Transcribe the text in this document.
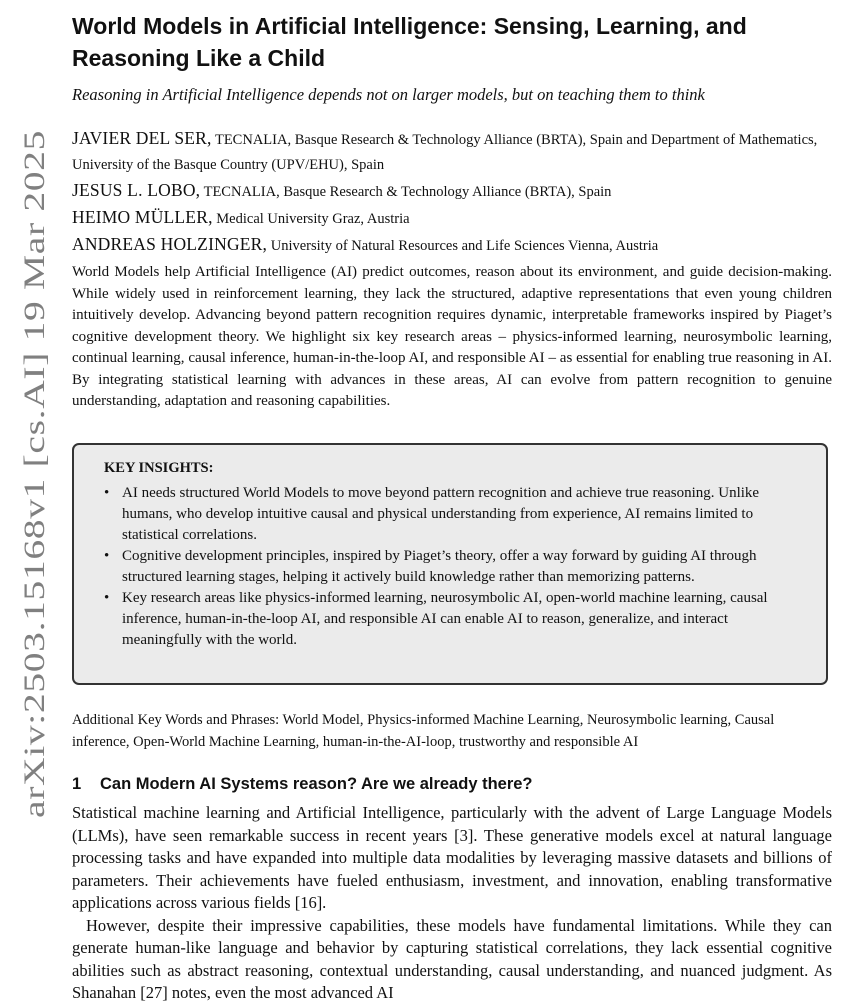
arXiv:2503.15168v1 [cs.AI] 19 Mar 2025
World Models in Artificial Intelligence: Sensing, Learning, and Reasoning Like a Child

Reasoning in Artificial Intelligence depends not on larger models, but on teaching them to think

JAVIER DEL SER, TECNALIA, Basque Research & Technology Alliance (BRTA), Spain and Department of Mathematics, University of the Basque Country (UPV/EHU), Spain

JESUS L. LOBO, TECNALIA, Basque Research & Technology Alliance (BRTA), Spain

HEIMO MÜLLER, Medical University Graz, Austria

ANDREAS HOLZINGER, University of Natural Resources and Life Sciences Vienna, Austria

World Models help Artificial Intelligence (AI) predict outcomes, reason about its environment, and guide decision-making. While widely used in reinforcement learning, they lack the structured, adaptive representations that even young children intuitively develop. Advancing beyond pattern recognition requires dynamic, interpretable frameworks inspired by Piaget’s cognitive development theory. We highlight six key research areas – physics-informed learning, neurosymbolic learning, continual learning, causal inference, human-in-the-loop AI, and responsible AI – as essential for enabling true reasoning in AI. By integrating statistical learning with advances in these areas, AI can evolve from pattern recognition to genuine understanding, adaptation and reasoning capabilities.

KEY INSIGHTS:

• AI needs structured World Models to move beyond pattern recognition and achieve true reasoning. Unlike humans, who develop intuitive causal and physical understanding from experience, AI remains limited to statistical correlations.
• Cognitive development principles, inspired by Piaget’s theory, offer a way forward by guiding AI through structured learning stages, helping it actively build knowledge rather than memorizing patterns.
• Key research areas like physics-informed learning, neurosymbolic AI, open-world machine learning, causal inference, human-in-the-loop AI, and responsible AI can enable AI to reason, generalize, and interact meaningfully with the world.

Additional Key Words and Phrases: World Model, Physics-informed Machine Learning, Neurosymbolic learning, Causal inference, Open-World Machine Learning, human-in-the-AI-loop, trustworthy and responsible AI

1 Can Modern AI Systems reason? Are we already there?

Statistical machine learning and Artificial Intelligence, particularly with the advent of Large Language Models (LLMs), have seen remarkable success in recent years [3]. These generative models excel at natural language processing tasks and have expanded into multiple data modalities by leveraging massive datasets and billions of parameters. Their achievements have fueled enthusiasm, investment, and innovation, enabling transformative applications across various fields [16].

However, despite their impressive capabilities, these models have fundamental limitations. While they can generate human-like language and behavior by capturing statistical correlations, they lack essential cognitive abilities such as abstract reasoning, contextual understanding, causal understanding, and nuanced judgment. As Shanahan [27] notes, even the most advanced AI
